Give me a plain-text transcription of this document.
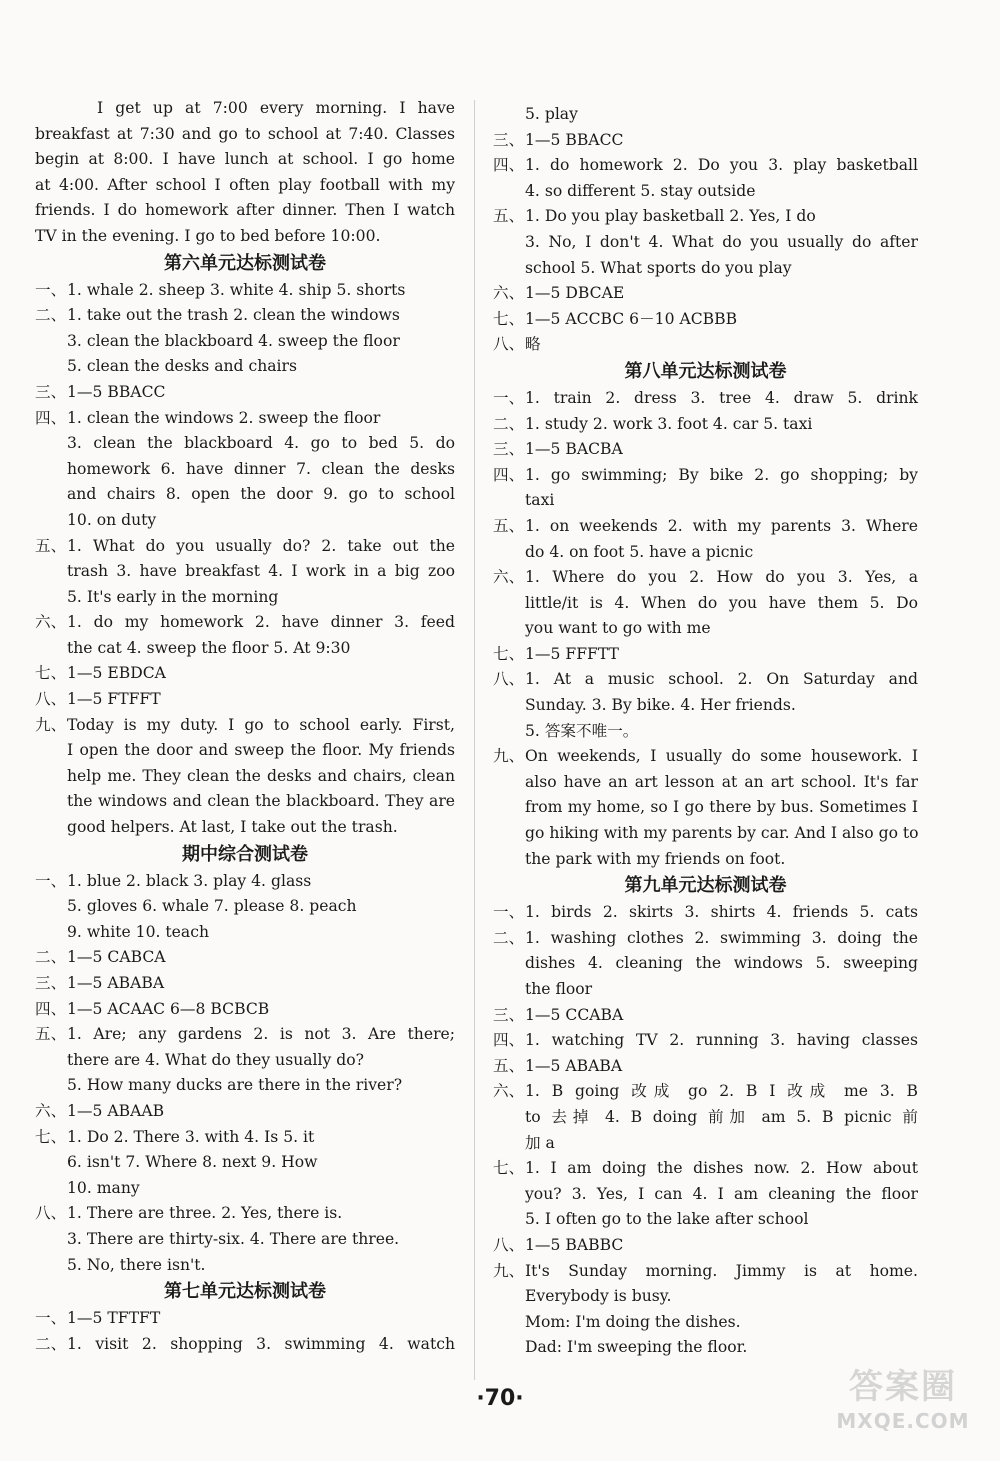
I get up at 7:00 every morning. I have
breakfast at 7:30 and go to school at 7:40. Classes
begin at 8:00. I have lunch at school. I go home
at 4:00. After school I often play football with my
friends. I do homework after dinner. Then I watch
TV in the evening. I go to bed before 10:00.
第六单元达标测试卷
一、 1. whale 2. sheep 3. white 4. ship 5. shorts
二、 1. take out the trash 2. clean the windows
3. clean the blackboard 4. sweep the floor
5. clean the desks and chairs
三、 1—5 BBACC
四、 1. clean the windows 2. sweep the floor
3. clean the blackboard 4. go to bed 5. do
homework 6. have dinner 7. clean the desks
and chairs 8. open the door 9. go to school
10. on duty
五、 1. What do you usually do? 2. take out the
trash 3. have breakfast 4. I work in a big zoo
5. It's early in the morning
六、 1. do my homework 2. have dinner 3. feed
the cat 4. sweep the floor 5. At 9:30
七、 1—5 EBDCA
八、 1—5 FTFFT
九、 Today is my duty. I go to school early. First,
I open the door and sweep the floor. My friends
help me. They clean the desks and chairs, clean
the windows and clean the blackboard. They are
good helpers. At last, I take out the trash.
期中综合测试卷
一、 1. blue 2. black 3. play 4. glass
5. gloves 6. whale 7. please 8. peach
9. white 10. teach
二、 1—5 CABCA
三、 1—5 ABABA
四、 1—5 ACAAC 6—8 BCBCB
五、 1. Are; any gardens 2. is not 3. Are there;
there are 4. What do they usually do?
5. How many ducks are there in the river?
六、 1—5 ABAAB
七、 1. Do 2. There 3. with 4. Is 5. it
6. isn't 7. Where 8. next 9. How
10. many
八、 1. There are three. 2. Yes, there is.
3. There are thirty-six. 4. There are three.
5. No, there isn't.
第七单元达标测试卷
一、 1—5 TFTFT
二、 1. visit 2. shopping 3. swimming 4. watch
5. play
三、 1—5 BBACC
四、 1. do homework 2. Do you 3. play basketball
4. so different 5. stay outside
五、 1. Do you play basketball 2. Yes, I do
3. No, I don't 4. What do you usually do after
school 5. What sports do you play
六、 1—5 DBCAE
七、 1—5 ACCBC 6－10 ACBBB
八、 略
第八单元达标测试卷
一、 1. train 2. dress 3. tree 4. draw 5. drink
二、 1. study 2. work 3. foot 4. car 5. taxi
三、 1—5 BACBA
四、 1. go swimming; By bike 2. go shopping; by
taxi
五、 1. on weekends 2. with my parents 3. Where
do 4. on foot 5. have a picnic
六、 1. Where do you 2. How do you 3. Yes, a
little/it is 4. When do you have them 5. Do
you want to go with me
七、 1—5 FFFTT
八、 1. At a music school. 2. On Saturday and
Sunday. 3. By bike. 4. Her friends.
5. 答案不唯一。
九、 On weekends, I usually do some housework. I
also have an art lesson at an art school. It's far
from my home, so I go there by bus. Sometimes I
go hiking with my parents by car. And I also go to
the park with my friends on foot.
第九单元达标测试卷
一、 1. birds 2. skirts 3. shirts 4. friends 5. cats
二、 1. washing clothes 2. swimming 3. doing the
dishes 4. cleaning the windows 5. sweeping
the floor
三、 1—5 CCABA
四、 1. watching TV 2. running 3. having classes
五、 1—5 ABABA
六、 1. B going 改成 go 2. B I 改成 me 3. B
to 去掉 4. B doing 前加 am 5. B picnic 前
加 a
七、 1. I am doing the dishes now. 2. How about
you? 3. Yes, I can 4. I am cleaning the floor
5. I often go to the lake after school
八、 1—5 BABBC
九、 It's Sunday morning. Jimmy is at home.
Everybody is busy.
Mom: I'm doing the dishes.
Dad: I'm sweeping the floor.
·70·	答案圈
MXQE.COM
